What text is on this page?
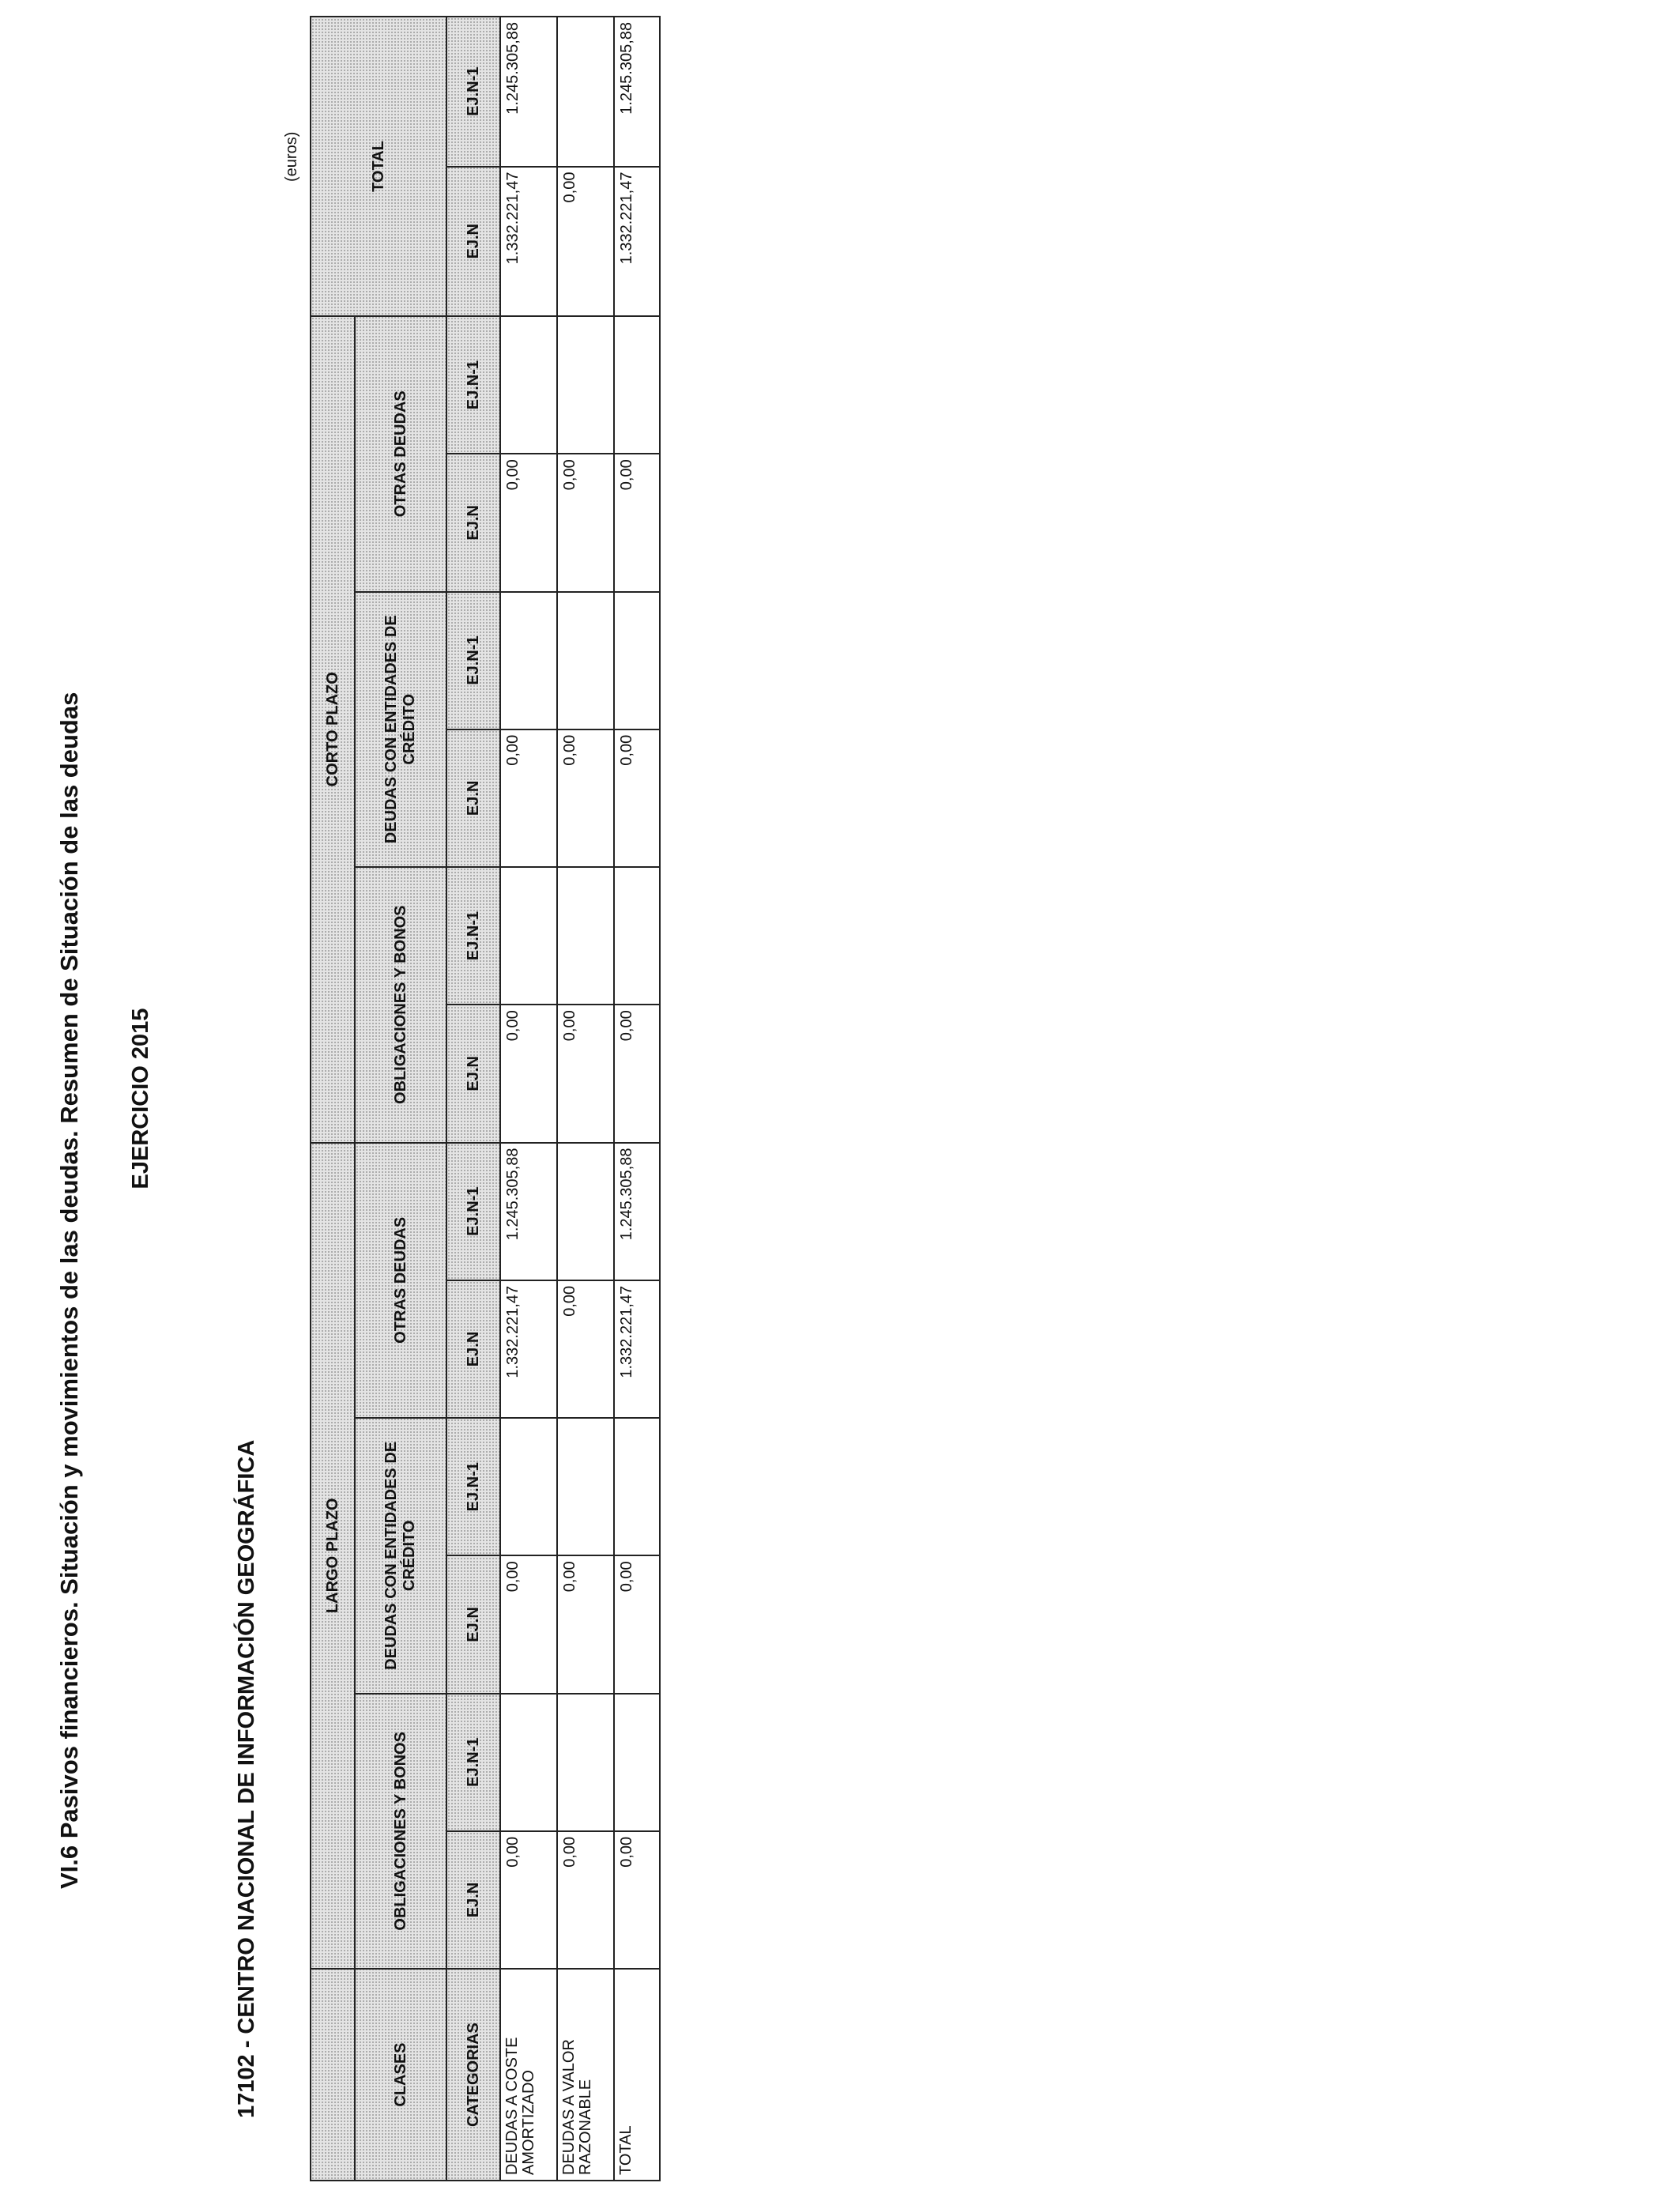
VI.6 Pasivos financieros. Situación y movimientos de las deudas. Resumen de Situación de las deudas EJERCICIO 2015
17102 - CENTRO NACIONAL DE INFORMACIÓN GEOGRÁFICA
(euros)
	LARGO PLAZO						CORTO PLAZO						TOTAL	
CLASES	OBLIGACIONES Y BONOS		DEUDAS CON ENTIDADES DE CRÉDITO		OTRAS DEUDAS		OBLIGACIONES Y BONOS		DEUDAS CON ENTIDADES DE CRÉDITO		OTRAS DEUDAS			
CATEGORIAS	EJ.N	EJ.N-1	EJ.N	EJ.N-1	EJ.N	EJ.N-1	EJ.N	EJ.N-1	EJ.N	EJ.N-1	EJ.N	EJ.N-1	EJ.N	EJ.N-1
DEUDAS A COSTE AMORTIZADO	0,00		0,00		1.332.221,47	1.245.305,88	0,00		0,00		0,00		1.332.221,47	1.245.305,88
DEUDAS A VALOR RAZONABLE	0,00		0,00		0,00		0,00		0,00		0,00		0,00	
TOTAL	0,00		0,00		1.332.221,47	1.245.305,88	0,00		0,00		0,00		1.332.221,47	1.245.305,88
